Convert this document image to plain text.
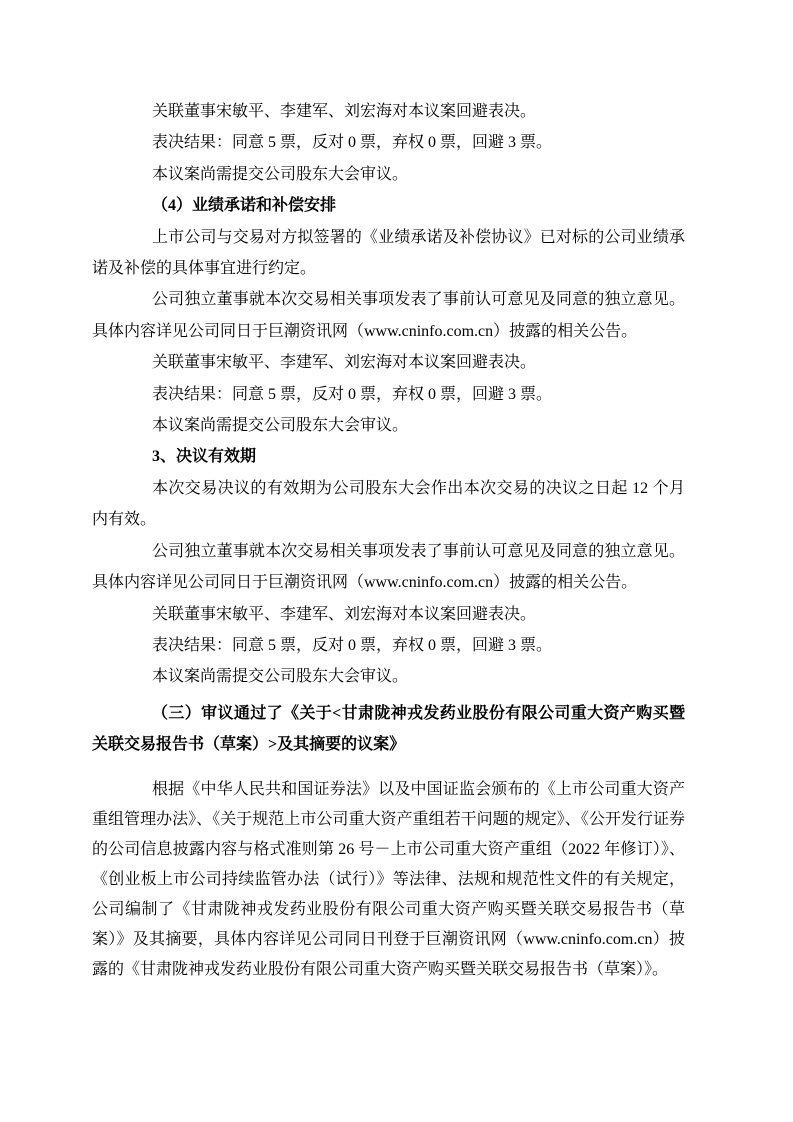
关联董事宋敏平、李建军、刘宏海对本议案回避表决。

表决结果：同意 5 票，反对 0 票，弃权 0 票，回避 3 票。

本议案尚需提交公司股东大会审议。

（4）业绩承诺和补偿安排

上市公司与交易对方拟签署的《业绩承诺及补偿协议》已对标的公司业绩承诺及补偿的具体事宜进行约定。

公司独立董事就本次交易相关事项发表了事前认可意见及同意的独立意见。具体内容详见公司同日于巨潮资讯网（www.cninfo.com.cn）披露的相关公告。

关联董事宋敏平、李建军、刘宏海对本议案回避表决。

表决结果：同意 5 票，反对 0 票，弃权 0 票，回避 3 票。

本议案尚需提交公司股东大会审议。

3、决议有效期

本次交易决议的有效期为公司股东大会作出本次交易的决议之日起 12 个月内有效。

公司独立董事就本次交易相关事项发表了事前认可意见及同意的独立意见。具体内容详见公司同日于巨潮资讯网（www.cninfo.com.cn）披露的相关公告。

关联董事宋敏平、李建军、刘宏海对本议案回避表决。

表决结果：同意 5 票，反对 0 票，弃权 0 票，回避 3 票。

本议案尚需提交公司股东大会审议。

（三）审议通过了《关于<甘肃陇神戎发药业股份有限公司重大资产购买暨关联交易报告书（草案）>及其摘要的议案》

根据《中华人民共和国证券法》以及中国证监会颁布的《上市公司重大资产重组管理办法》、《关于规范上市公司重大资产重组若干问题的规定》、《公开发行证券的公司信息披露内容与格式准则第 26 号－上市公司重大资产重组（2022 年修订）》、《创业板上市公司持续监管办法（试行）》等法律、法规和规范性文件的有关规定，公司编制了《甘肃陇神戎发药业股份有限公司重大资产购买暨关联交易报告书（草案）》及其摘要，具体内容详见公司同日刊登于巨潮资讯网（www.cninfo.com.cn）披露的《甘肃陇神戎发药业股份有限公司重大资产购买暨关联交易报告书（草案）》。
